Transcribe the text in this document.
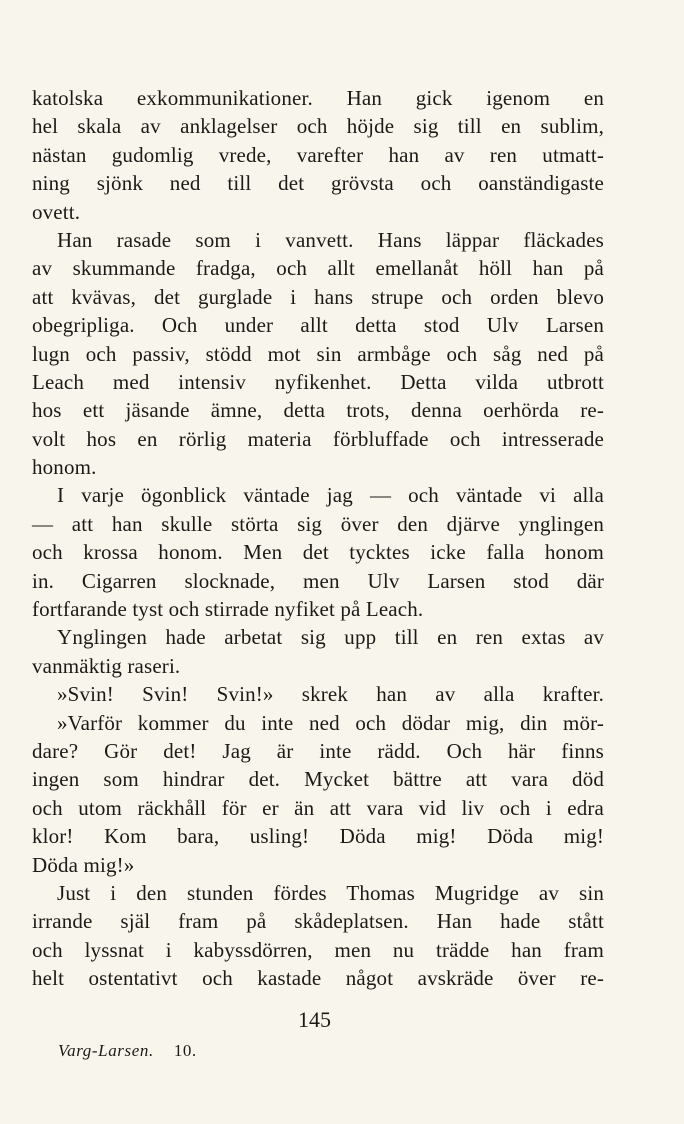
katolska exkommunikationer. Han gick igenom en
hel skala av anklagelser och höjde sig till en sublim,
nästan gudomlig vrede, varefter han av ren utmatt-
ning sjönk ned till det grövsta och oanständigaste
ovett.
Han rasade som i vanvett. Hans läppar fläckades
av skummande fradga, och allt emellanåt höll han på
att kvävas, det gurglade i hans strupe och orden blevo
obegripliga. Och under allt detta stod Ulv Larsen
lugn och passiv, stödd mot sin armbåge och såg ned på
Leach med intensiv nyfikenhet. Detta vilda utbrott
hos ett jäsande ämne, detta trots, denna oerhörda re-
volt hos en rörlig materia förbluffade och intresserade
honom.
I varje ögonblick väntade jag — och väntade vi alla
— att han skulle störta sig över den djärve ynglingen
och krossa honom. Men det tycktes icke falla honom
in. Cigarren slocknade, men Ulv Larsen stod där
fortfarande tyst och stirrade nyfiket på Leach.
Ynglingen hade arbetat sig upp till en ren extas av
vanmäktig raseri.
»Svin! Svin! Svin!» skrek han av alla krafter.
»Varför kommer du inte ned och dödar mig, din mör-
dare? Gör det! Jag är inte rädd. Och här finns
ingen som hindrar det. Mycket bättre att vara död
och utom räckhåll för er än att vara vid liv och i edra
klor! Kom bara, usling! Döda mig! Döda mig!
Döda mig!»
Just i den stunden fördes Thomas Mugridge av sin
irrande själ fram på skådeplatsen. Han hade stått
och lyssnat i kabyssdörren, men nu trädde han fram
helt ostentativt och kastade något avskräde över re-
145
Varg-Larsen. 10.
